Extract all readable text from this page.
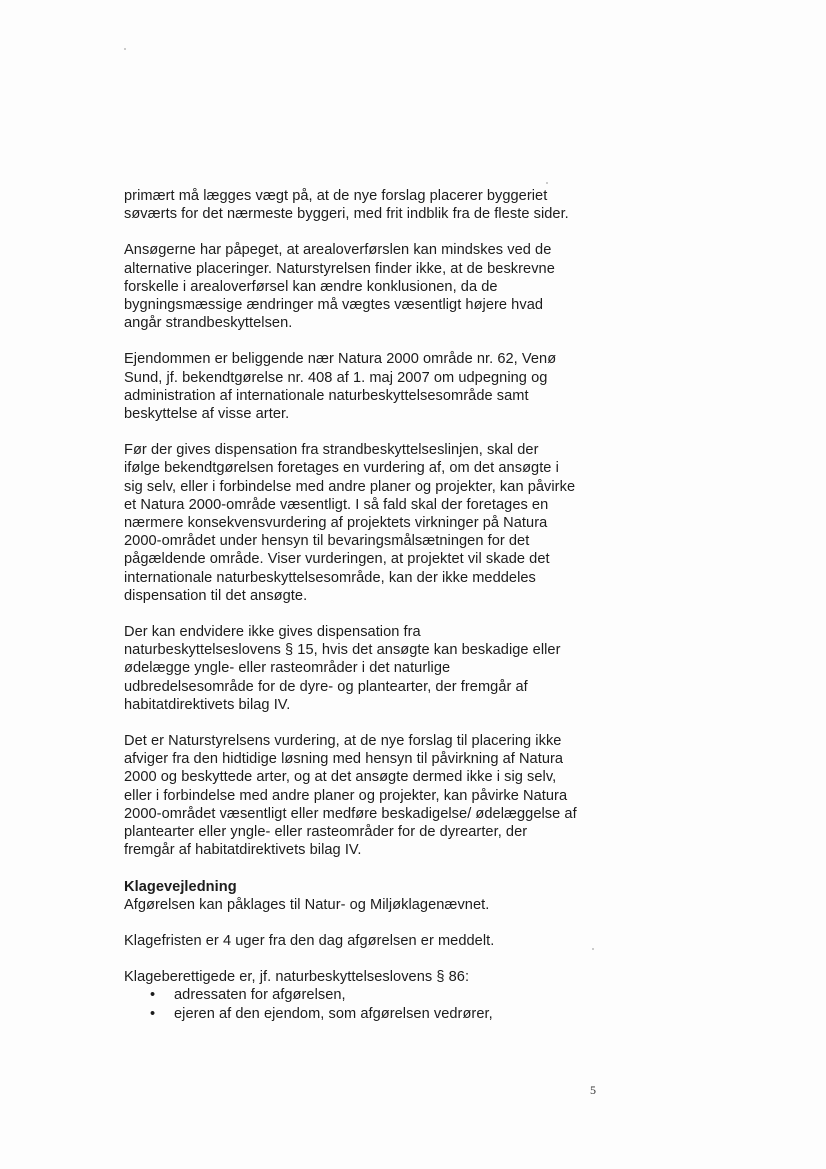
primært må lægges vægt på, at de nye forslag placerer byggeriet
søværts for det nærmeste byggeri, med frit indblik fra de fleste sider.

Ansøgerne har påpeget, at arealoverførslen kan mindskes ved de
alternative placeringer. Naturstyrelsen finder ikke, at de beskrevne
forskelle i arealoverførsel kan ændre konklusionen, da de
bygningsmæssige ændringer må vægtes væsentligt højere hvad
angår strandbeskyttelsen.

Ejendommen er beliggende nær Natura 2000 område nr. 62, Venø
Sund, jf. bekendtgørelse nr. 408 af 1. maj 2007 om udpegning og
administration af internationale naturbeskyttelsesområde samt
beskyttelse af visse arter.

Før der gives dispensation fra strandbeskyttelseslinjen, skal der
ifølge bekendtgørelsen foretages en vurdering af, om det ansøgte i
sig selv, eller i forbindelse med andre planer og projekter, kan påvirke
et Natura 2000-område væsentligt. I så fald skal der foretages en
nærmere konsekvensvurdering af projektets virkninger på Natura
2000-området under hensyn til bevaringsmålsætningen for det
pågældende område. Viser vurderingen, at projektet vil skade det
internationale naturbeskyttelsesområde, kan der ikke meddeles
dispensation til det ansøgte.

Der kan endvidere ikke gives dispensation fra
naturbeskyttelseslovens § 15, hvis det ansøgte kan beskadige eller
ødelægge yngle- eller rasteområder i det naturlige
udbredelsesområde for de dyre- og plantearter, der fremgår af
habitatdirektivets bilag IV.

Det er Naturstyrelsens vurdering, at de nye forslag til placering ikke
afviger fra den hidtidige løsning med hensyn til påvirkning af Natura
2000 og beskyttede arter, og at det ansøgte dermed ikke i sig selv,
eller i forbindelse med andre planer og projekter, kan påvirke Natura
2000-området væsentligt eller medføre beskadigelse/ ødelæggelse af
plantearter eller yngle- eller rasteområder for de dyrearter, der
fremgår af habitatdirektivets bilag IV.

Klagevejledning

Afgørelsen kan påklages til Natur- og Miljøklagenævnet.

Klagefristen er 4 uger fra den dag afgørelsen er meddelt.

Klageberettigede er, jf. naturbeskyttelseslovens § 86:

• adressaten for afgørelsen,
• ejeren af den ejendom, som afgørelsen vedrører,
5
